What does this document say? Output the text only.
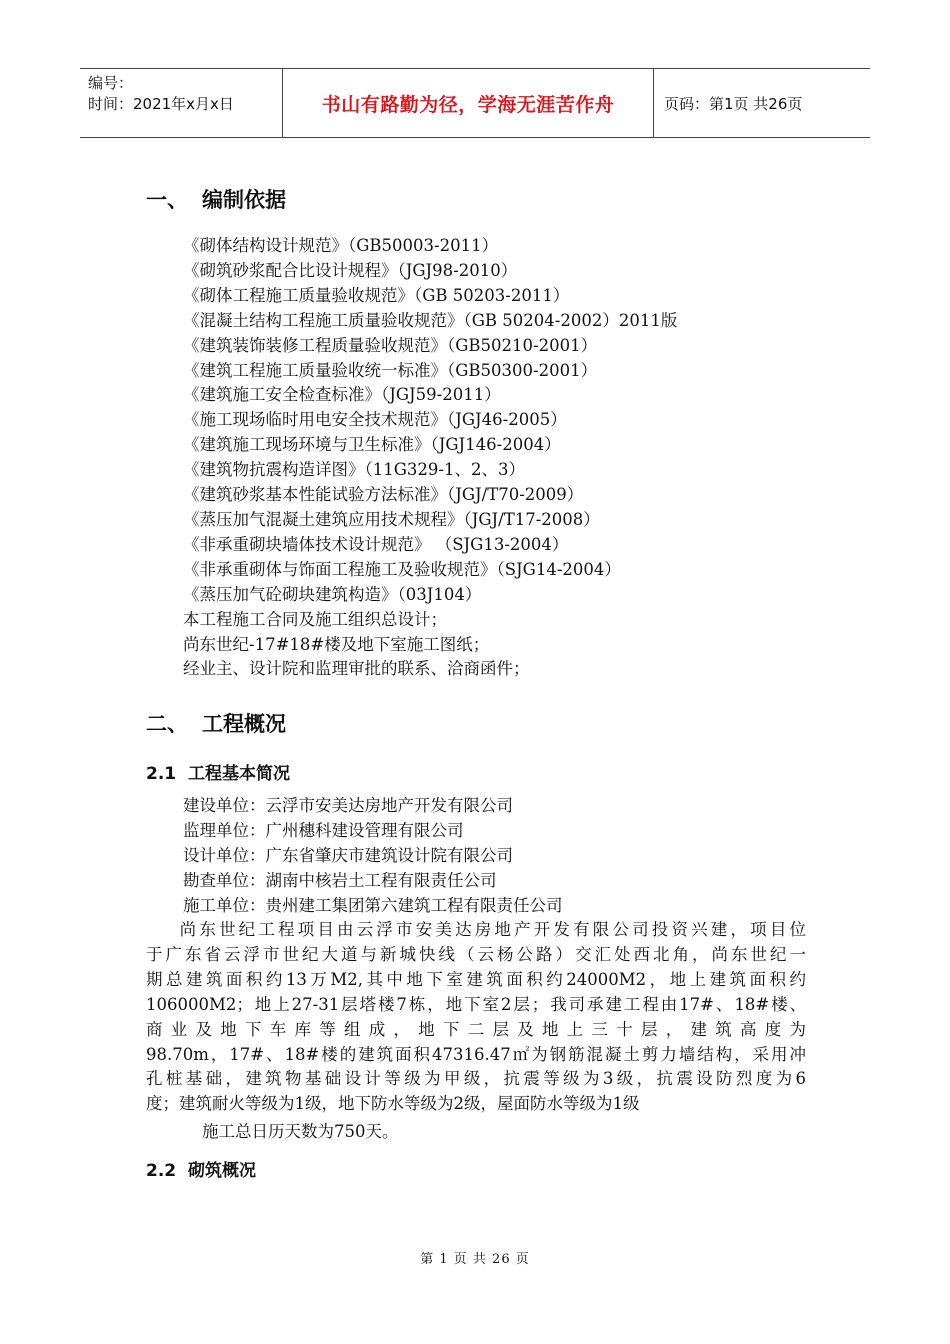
编号：
时间：2021年x月x日	书山有路勤为径，学海无涯苦作舟	页码：第1页 共26页
一、 编制依据
《砌体结构设计规范》（GB50003-2011）
《砌筑砂浆配合比设计规程》（JGJ98-2010）
《砌体工程施工质量验收规范》（GB 50203-2011）
《混凝土结构工程施工质量验收规范》（GB 50204-2002）2011版
《建筑装饰装修工程质量验收规范》（GB50210-2001）
《建筑工程施工质量验收统一标准》（GB50300-2001）
《建筑施工安全检查标准》（JGJ59-2011）
《施工现场临时用电安全技术规范》（JGJ46-2005）
《建筑施工现场环境与卫生标准》（JGJ146-2004）
《建筑物抗震构造详图》（11G329-1、2、3）
《建筑砂浆基本性能试验方法标准》（JGJ/T70-2009）
《蒸压加气混凝土建筑应用技术规程》（JGJ/T17-2008）
《非承重砌块墙体技术设计规范》 （SJG13-2004）
《非承重砌体与饰面工程施工及验收规范》（SJG14-2004）
《蒸压加气砼砌块建筑构造》（03J104）
本工程施工合同及施工组织总设计；
尚东世纪-17#18#楼及地下室施工图纸；
经业主、设计院和监理审批的联系、洽商函件；
二、 工程概况
2.1 工程基本简况
建设单位：云浮市安美达房地产开发有限公司
监理单位：广州穗科建设管理有限公司
设计单位：广东省肇庆市建筑设计院有限公司
勘查单位：湖南中核岩土工程有限责任公司
施工单位：贵州建工集团第六建筑工程有限责任公司
尚东世纪工程项目由云浮市安美达房地产开发有限公司投资兴建，项目位
于广东省云浮市世纪大道与新城快线（云杨公路）交汇处西北角，尚东世纪一
期总建筑面积约13万M2,其中地下室建筑面积约24000M2，地上建筑面积约
106000M2；地上27-31层塔楼7栋，地下室2层；我司承建工程由17#、18#楼、
商业及地下车库等组成，地下二层及地上三十层，建筑高度为
98.70m，17#、18#楼的建筑面积47316.47㎡为钢筋混凝土剪力墙结构，采用冲
孔桩基础，建筑物基础设计等级为甲级，抗震等级为3级，抗震设防烈度为6
度；建筑耐火等级为1级，地下防水等级为2级，屋面防水等级为1级
施工总日历天数为750天。
2.2 砌筑概况
第 1 页 共 26 页
